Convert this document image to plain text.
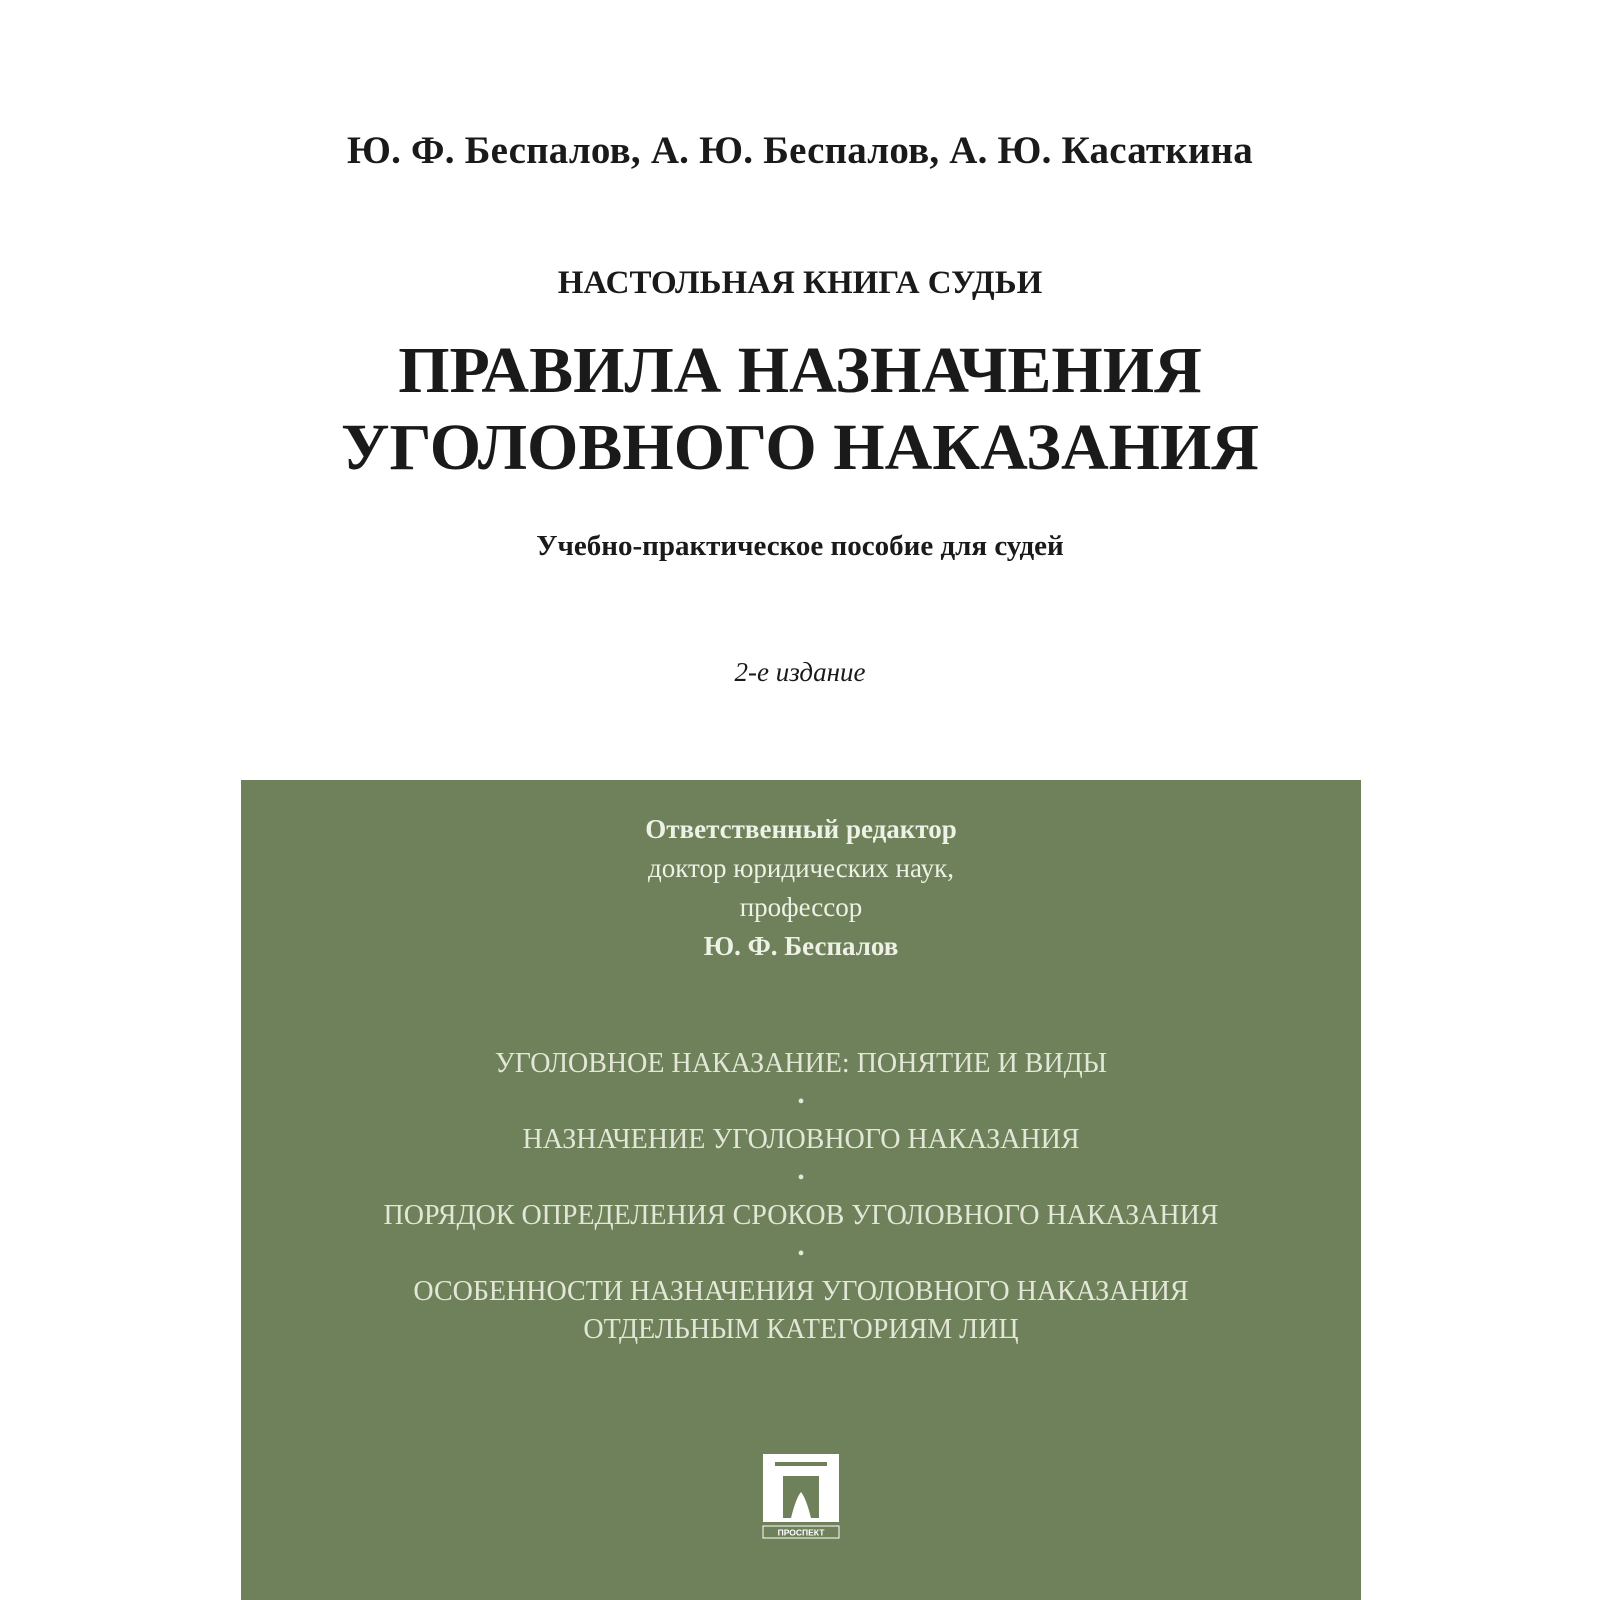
Ю. Ф. Беспалов, А. Ю. Беспалов, А. Ю. Касаткина
НАСТОЛЬНАЯ КНИГА СУДЬИ
ПРАВИЛА НАЗНАЧЕНИЯ
УГОЛОВНОГО НАКАЗАНИЯ
Учебно-практическое пособие для судей
2-е издание
Ответственный редактор
доктор юридических наук,
профессор
Ю. Ф. Беспалов
УГОЛОВНОЕ НАКАЗАНИЕ: ПОНЯТИЕ И ВИДЫ
•
НАЗНАЧЕНИЕ УГОЛОВНОГО НАКАЗАНИЯ
•
ПОРЯДОК ОПРЕДЕЛЕНИЯ СРОКОВ УГОЛОВНОГО НАКАЗАНИЯ
•
ОСОБЕННОСТИ НАЗНАЧЕНИЯ УГОЛОВНОГО НАКАЗАНИЯ
ОТДЕЛЬНЫМ КАТЕГОРИЯМ ЛИЦ
ПРОСПЕКТ
